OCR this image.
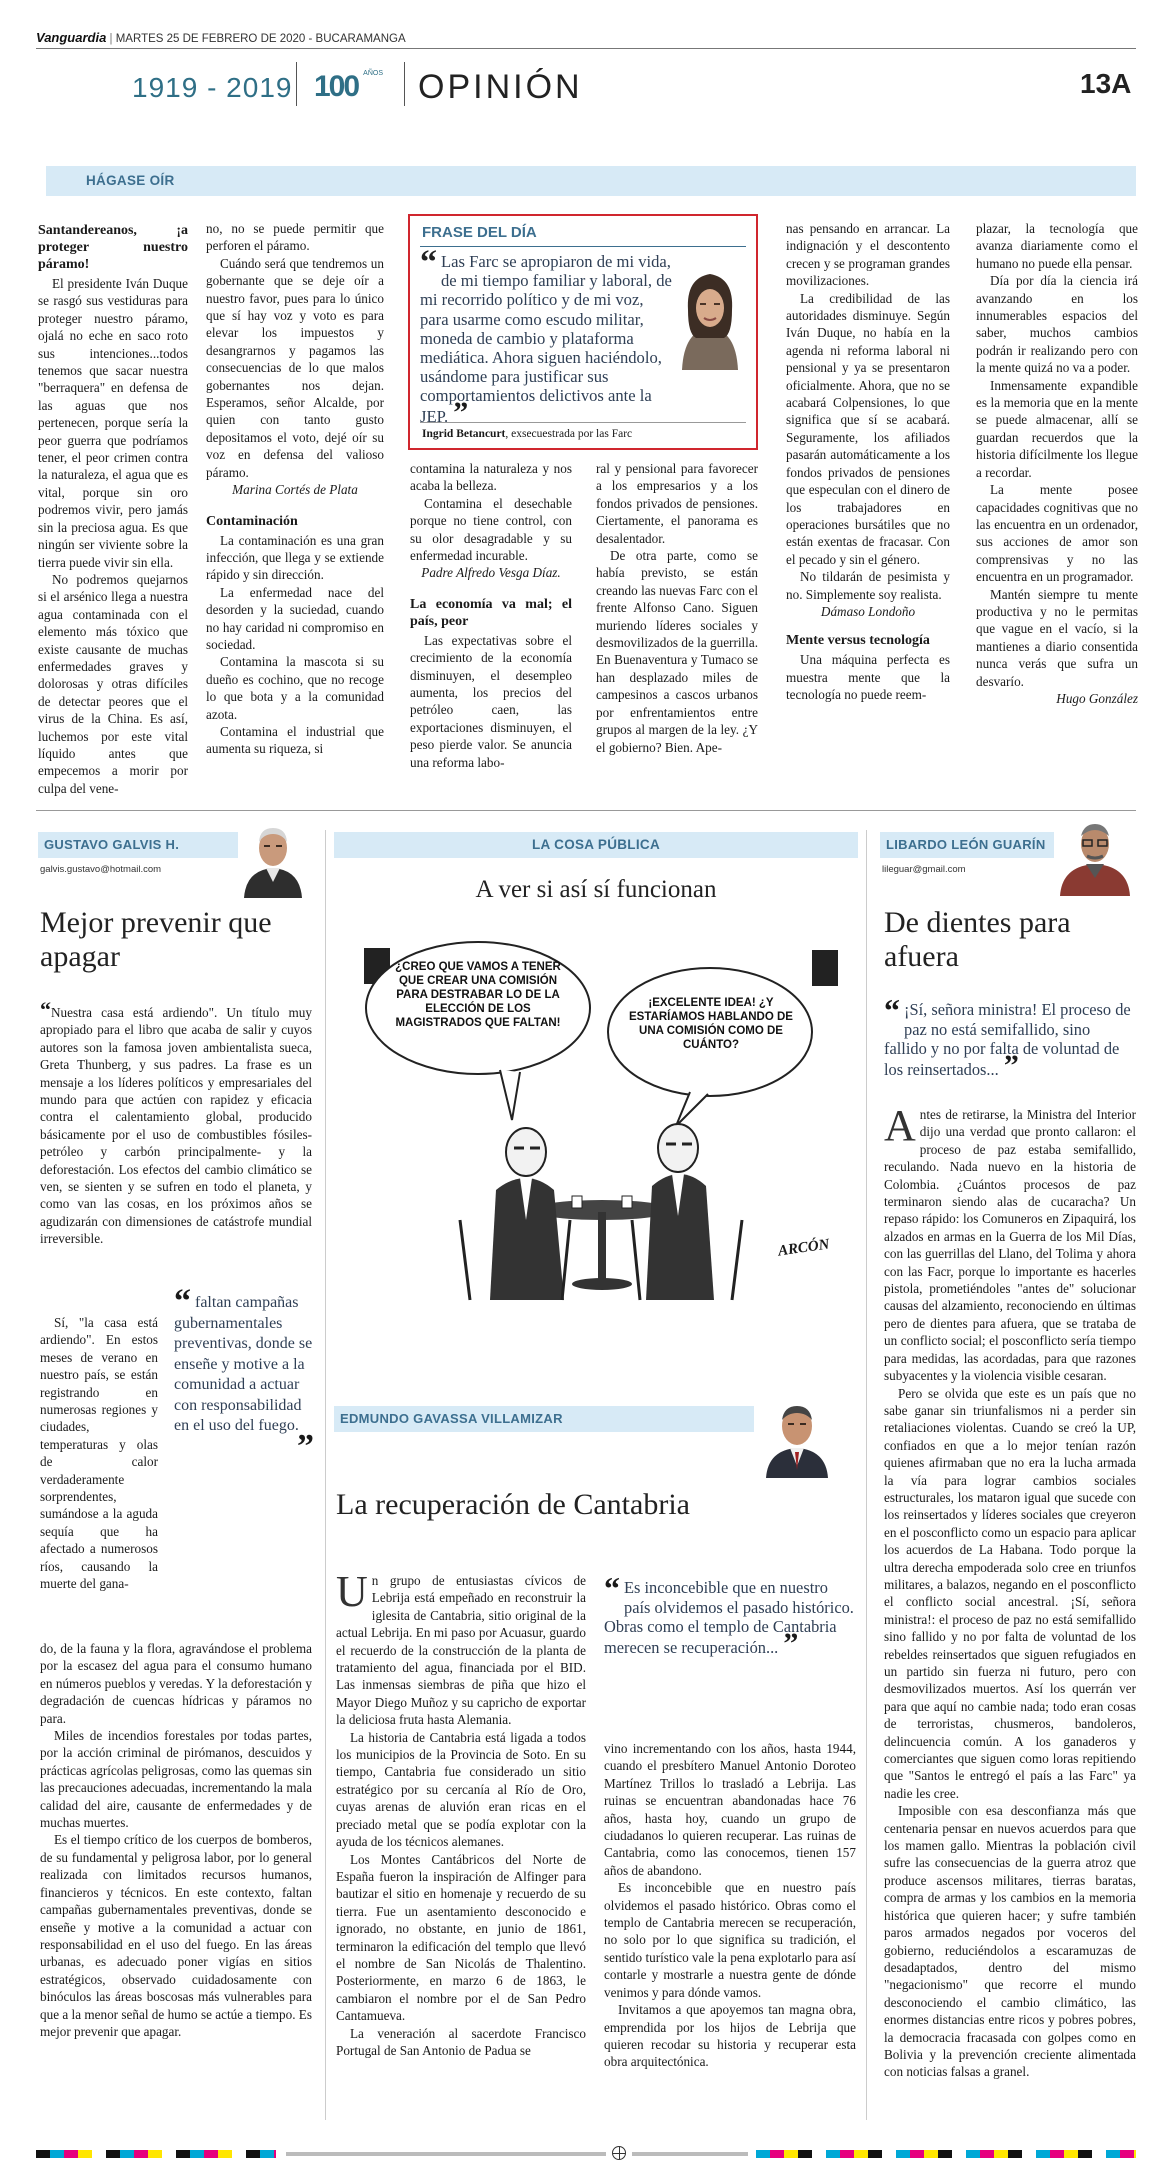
Vanguardia | MARTES 25 DE FEBRERO DE 2020 - BUCARAMANGA
1919 - 2019 100 $^{AÑOS}$	OPINIÓN	13A
HÁGASE OÍR
Santandereanos, ¡a proteger nuestro páramo!

El presidente Iván Duque se rasgó sus vestiduras para proteger nuestro páramo, ojalá no eche en saco roto sus intenciones...todos tenemos que sacar nuestra "berraquera" en defensa de las aguas que nos pertenecen, porque sería la peor guerra que podríamos tener, el peor crimen contra la naturaleza, el agua que es vital, porque sin oro podremos vivir, pero jamás sin la preciosa agua. Es que ningún ser viviente sobre la tierra puede vivir sin ella.

No podremos quejarnos si el arsénico llega a nuestra agua contaminada con el elemento más tóxico que existe causante de muchas enfermedades graves y dolorosas y otras difíciles de detectar peores que el virus de la China. Es así, luchemos por este vital líquido antes que empecemos a morir por culpa del vene-

no, no se puede permitir que perforen el páramo.

Cuándo será que tendremos un gobernante que se deje oír a nuestro favor, pues para lo único que sí hay voz y voto es para elevar los impuestos y desangrarnos y pagamos las consecuencias de lo que malos gobernantes nos dejan. Esperamos, señor Alcalde, por quien con tanto gusto depositamos el voto, dejé oír su voz en defensa del valioso páramo.

Marina Cortés de Plata

Contaminación

La contaminación es una gran infección, que llega y se extiende rápido y sin dirección.

La enfermedad nace del desorden y la suciedad, cuando no hay caridad ni compromiso en sociedad.

Contamina la mascota si su dueño es cochino, que no recoge lo que bota y a la comunidad azota.

Contamina el industrial que aumenta su riqueza, si

FRASE DEL DÍA
“ Las Farc se apropiaron de mi vida, de mi tiempo familiar y laboral, de mi recorrido político y de mi voz, para usarme como escudo militar, moneda de cambio y plataforma mediática. Ahora siguen haciéndolo, usándome para justificar sus comportamientos delictivos ante la JEP. ”
Ingrid Betancurt, exsecuestrada por las Farc

contamina la naturaleza y nos acaba la belleza.

Contamina el desechable porque no tiene control, con su olor desagradable y su enfermedad incurable.

Padre Alfredo Vesga Díaz.

La economía va mal; el país, peor

Las expectativas sobre el crecimiento de la economía disminuyen, el desempleo aumenta, los precios del petróleo caen, las exportaciones disminuyen, el peso pierde valor. Se anuncia una reforma labo-

ral y pensional para favorecer a los empresarios y a los fondos privados de pensiones. Ciertamente, el panorama es desalentador.

De otra parte, como se había previsto, se están creando las nuevas Farc con el frente Alfonso Cano. Siguen muriendo líderes sociales y desmovilizados de la guerrilla. En Buenaventura y Tumaco se han desplazado miles de campesinos a cascos urbanos por enfrentamientos entre grupos al margen de la ley. ¿Y el gobierno? Bien. Ape-

nas pensando en arrancar. La indignación y el descontento crecen y se programan grandes movilizaciones.

La credibilidad de las autoridades disminuye. Según Iván Duque, no había en la agenda ni reforma laboral ni pensional y ya se presentaron oficialmente. Ahora, que no se acabará Colpensiones, lo que significa que sí se acabará. Seguramente, los afiliados pasarán automáticamente a los fondos privados de pensiones que especulan con el dinero de los trabajadores en operaciones bursátiles que no están exentas de fracasar. Con el pecado y sin el género.

No tildarán de pesimista y no. Simplemente soy realista.

Dámaso Londoño

Mente versus tecnología

Una máquina perfecta es muestra mente que la tecnología no puede reem-

plazar, la tecnología que avanza diariamente como el humano no puede ella pensar.

Día por día la ciencia irá avanzando en los innumerables espacios del saber, muchos cambios podrán ir realizando pero con la mente quizá no va a poder.

Inmensamente expandible es la memoria que en la mente se puede almacenar, allí se guardan recuerdos que la historia difícilmente los llegue a recordar.

La mente posee capacidades cognitivas que no las encuentra en un ordenador, sus acciones de amor son comprensivas y no las encuentra en un programador.

Mantén siempre tu mente productiva y no le permitas que vague en el vacío, si la mantienes a diario consentida nunca verás que sufra un desvarío.

Hugo González

GUSTAVO GALVIS H.
galvis.gustavo@hotmail.com
Mejor prevenir que apagar

“Nuestra casa está ardiendo". Un título muy apropiado para el libro que acaba de salir y cuyos autores son la famosa joven ambientalista sueca, Greta Thunberg, y sus padres. La frase es un mensaje a los líderes políticos y empresariales del mundo para que actúen con rapidez y eficacia contra el calentamiento global, producido básicamente por el uso de combustibles fósiles- petróleo y carbón principalmente- y la deforestación. Los efectos del cambio climático se ven, se sienten y se sufren en todo el planeta, y como van las cosas, en los próximos años se agudizarán con dimensiones de catástrofe mundial irreversible.

Sí, "la casa está ardiendo". En estos meses de verano en nuestro país, se están registrando en numerosas regiones y ciudades, temperaturas y olas de calor verdaderamente sorprendentes, sumándose a la aguda sequía que ha afectado a numerosos ríos, causando la muerte del gana-

“ faltan campañas gubernamentales preventivas, donde se enseñe y motive a la comunidad a actuar con responsabilidad en el uso del fuego.
”

do, de la fauna y la flora, agravándose el problema por la escasez del agua para el consumo humano en números pueblos y veredas. Y la deforestación y degradación de cuencas hídricas y páramos no para.

Miles de incendios forestales por todas partes, por la acción criminal de pirómanos, descuidos y prácticas agrícolas peligrosas, como las quemas sin las precauciones adecuadas, incrementando la mala calidad del aire, causante de enfermedades y de muchas muertes.

Es el tiempo crítico de los cuerpos de bomberos, de su fundamental y peligrosa labor, por lo general realizada con limitados recursos humanos, financieros y técnicos. En este contexto, faltan campañas gubernamentales preventivas, donde se enseñe y motive a la comunidad a actuar con responsabilidad en el uso del fuego. En las áreas urbanas, es adecuado poner vigías en sitios estratégicos, observado cuidadosamente con binóculos las áreas boscosas más vulnerables para que a la menor señal de humo se actúe a tiempo. Es mejor prevenir que apagar.

LA COSA PÚBLICA
A ver si así sí funcionan
¿CREO QUE VAMOS A TENER QUE CREAR UNA COMISIÓN PARA DESTRABAR LO DE LA ELECCIÓN DE LOS MAGISTRADOS QUE FALTAN!
¡EXCELENTE IDEA! ¿Y ESTARÍAMOS HABLANDO DE UNA COMISIÓN COMO DE CUÁNTO?
ARCÓN
EDMUNDO GAVASSA VILLAMIZAR
La recuperación de Cantabria

Un grupo de entusiastas cívicos de Lebrija está empeñado en reconstruir la iglesita de Cantabria, sitio original de la actual Lebrija. En mi paso por Acuasur, guardo el recuerdo de la construcción de la planta de tratamiento del agua, financiada por el BID. Las inmensas siembras de piña que hizo el Mayor Diego Muñoz y su capricho de exportar la deliciosa fruta hasta Alemania.

La historia de Cantabria está ligada a todos los municipios de la Provincia de Soto. En su tiempo, Cantabria fue considerado un sitio estratégico por su cercanía al Río de Oro, cuyas arenas de aluvión eran ricas en el preciado metal que se podía explotar con la ayuda de los técnicos alemanes.

Los Montes Cantábricos del Norte de España fueron la inspiración de Alfinger para bautizar el sitio en homenaje y recuerdo de su tierra. Fue un asentamiento desconocido e ignorado, no obstante, en junio de 1861, terminaron la edificación del templo que llevó el nombre de San Nicolás de Thalentino. Posteriormente, en marzo 6 de 1863, le cambiaron el nombre por el de San Pedro Cantamueva.

La veneración al sacerdote Francisco Portugal de San Antonio de Padua se

“ Es inconcebible que en nuestro país olvidemos el pasado histórico. Obras como el templo de Cantabria merecen se recuperación... ”

vino incrementando con los años, hasta 1944, cuando el presbítero Manuel Antonio Doroteo Martínez Trillos lo trasladó a Lebrija. Las ruinas se encuentran abandonadas hace 76 años, hasta hoy, cuando un grupo de ciudadanos lo quieren recuperar. Las ruinas de Cantabria, como las conocemos, tienen 157 años de abandono.

Es inconcebible que en nuestro país olvidemos el pasado histórico. Obras como el templo de Cantabria merecen se recuperación, no solo por lo que significa su tradición, el sentido turístico vale la pena explotarlo para así contarle y mostrarle a nuestra gente de dónde venimos y para dónde vamos.

Invitamos a que apoyemos tan magna obra, emprendida por los hijos de Lebrija que quieren recodar su historia y recuperar esta obra arquitectónica.

LIBARDO LEÓN GUARÍN
lileguar@gmail.com
De dientes para afuera
“ ¡Sí, señora ministra! El proceso de paz no está semifallido, sino fallido y no por falta de voluntad de los reinsertados... ”

Antes de retirarse, la Ministra del Interior dijo una verdad que pronto callaron: el proceso de paz estaba semifallido, reculando. Nada nuevo en la historia de Colombia. ¿Cuántos procesos de paz terminaron siendo alas de cucaracha? Un repaso rápido: los Comuneros en Zipaquirá, los alzados en armas en la Guerra de los Mil Días, con las guerrillas del Llano, del Tolima y ahora con las Facr, porque lo importante es hacerles pistola, prometiéndoles "antes de" solucionar causas del alzamiento, reconociendo en últimas pero de dientes para afuera, que se trataba de un conflicto social; el posconflicto sería tiempo para medidas, las acordadas, para que razones subyacentes y la violencia visible cesaran.

Pero se olvida que este es un país que no sabe ganar sin triunfalismos ni a perder sin retaliaciones violentas. Cuando se creó la UP, confiados en que a lo mejor tenían razón quienes afirmaban que no era la lucha armada la vía para lograr cambios sociales estructurales, los mataron igual que sucede con los reinsertados y líderes sociales que creyeron en el posconflicto como un espacio para aplicar los acuerdos de La Habana. Todo porque la ultra derecha empoderada solo cree en triunfos militares, a balazos, negando en el posconflicto el conflicto social ancestral. ¡Sí, señora ministra!: el proceso de paz no está semifallido sino fallido y no por falta de voluntad de los rebeldes reinsertados que siguen refugiados en un partido sin fuerza ni futuro, pero con desmovilizados muertos. Así los querrán ver para que aquí no cambie nada; todo eran cosas de terroristas, chusmeros, bandoleros, delincuencia común. A los ganaderos y comerciantes que siguen como loras repitiendo que "Santos le entregó el país a las Farc" ya nadie les cree.

Imposible con esa desconfianza más que centenaria pensar en nuevos acuerdos para que los mamen gallo. Mientras la población civil sufre las consecuencias de la guerra atroz que produce ascensos militares, tierras baratas, compra de armas y los cambios en la memoria histórica que quieren hacer; y sufre también paros armados negados por voceros del gobierno, reduciéndolos a escaramuzas de desadaptados, dentro del mismo "negacionismo" que recorre el mundo desconociendo el cambio climático, las enormes distancias entre ricos y pobres pobres, la democracia fracasada con golpes como en Bolivia y la prevención creciente alimentada con noticias falsas a granel.
